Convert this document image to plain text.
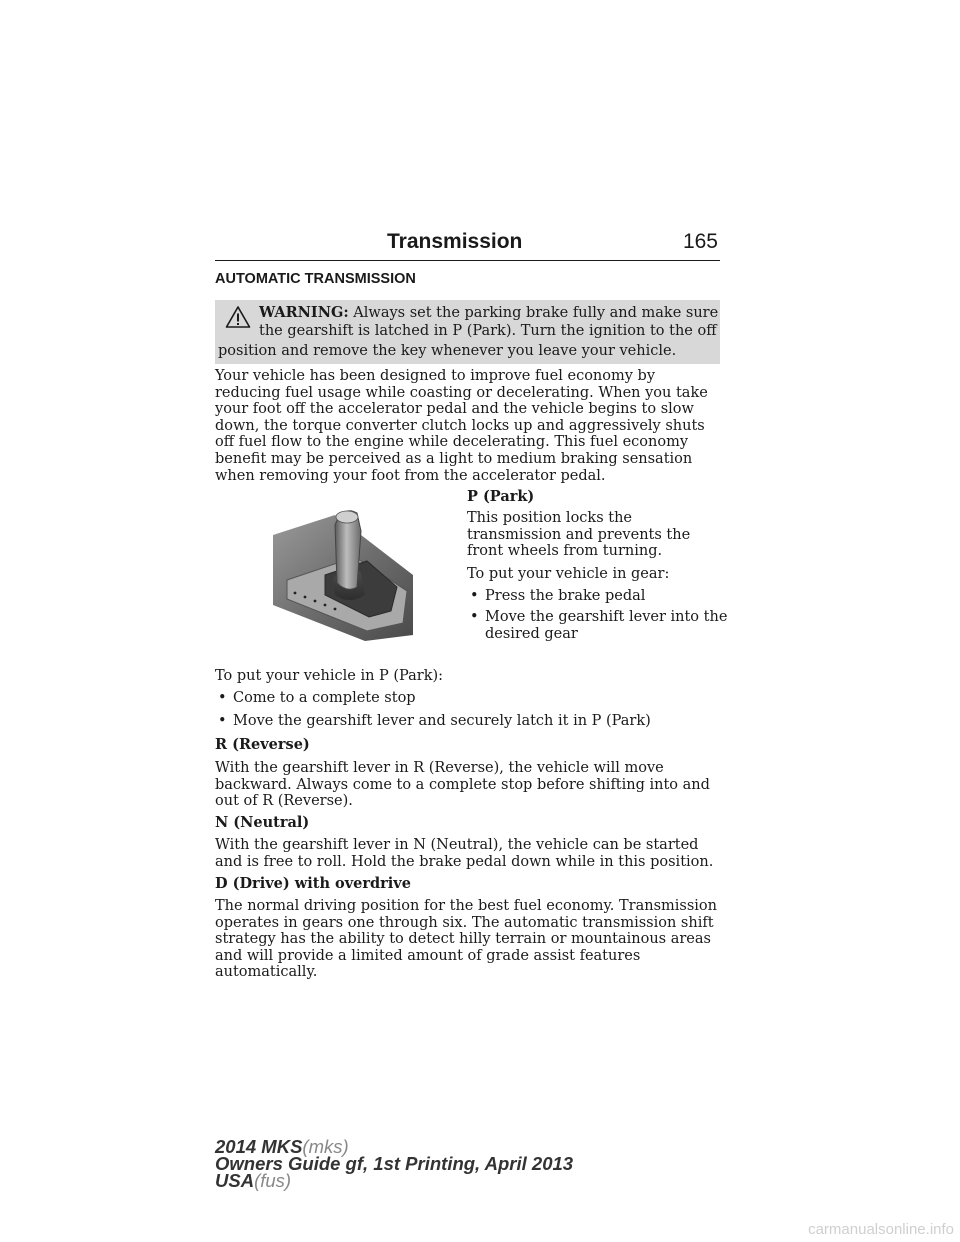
Transmission	165
AUTOMATIC TRANSMISSION
WARNING: Always set the parking brake fully and make sure
the gearshift is latched in P (Park). Turn the ignition to the off
position and remove the key whenever you leave your vehicle.

Your vehicle has been designed to improve fuel economy by reducing fuel usage while coasting or decelerating. When you take your foot off the accelerator pedal and the vehicle begins to slow down, the torque converter clutch locks up and aggressively shuts off fuel flow to the engine while decelerating. This fuel economy benefit may be perceived as a light to medium braking sensation when removing your foot from the accelerator pedal.

P (Park)
This position locks the transmission and prevents the front wheels from turning.
To put your vehicle in gear:
• Press the brake pedal
• Move the gearshift lever into the
desired gear
To put your vehicle in P (Park):
• Come to a complete stop
• Move the gearshift lever and securely latch it in P (Park)
R (Reverse)

With the gearshift lever in R (Reverse), the vehicle will move backward. Always come to a complete stop before shifting into and out of R (Reverse).

N (Neutral)

With the gearshift lever in N (Neutral), the vehicle can be started and is free to roll. Hold the brake pedal down while in this position.

D (Drive) with overdrive

The normal driving position for the best fuel economy. Transmission operates in gears one through six. The automatic transmission shift strategy has the ability to detect hilly terrain or mountainous areas and will provide a limited amount of grade assist features automatically.

2014 MKS(mks)
Owners Guide gf, 1st Printing, April 2013
USA(fus)
carmanualsonline.info
